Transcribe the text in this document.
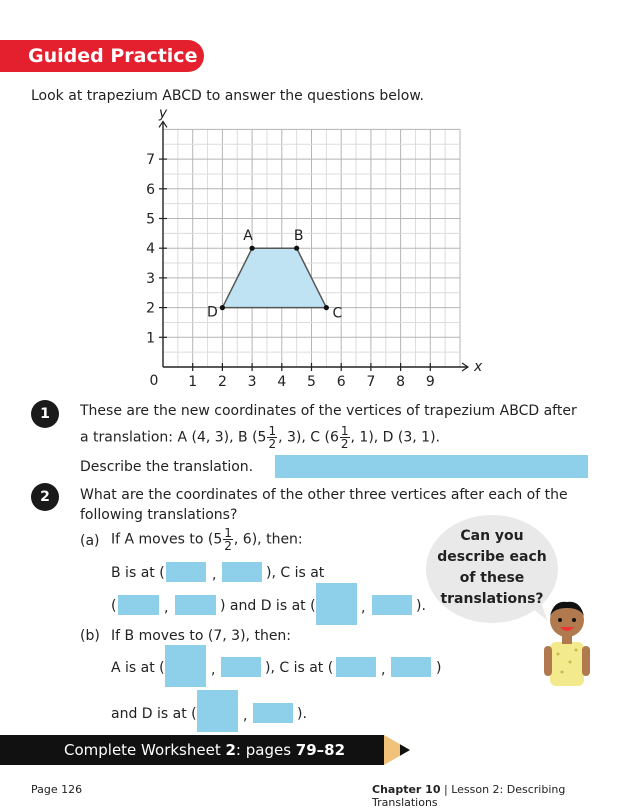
Guided Practice
Look at trapezium ABCD to answer the questions below.
1 2 3 4 5 6 7 8 9
1
2
3
4
5
6
7
0
x
y
A	B
C
D
1	These are the new coordinates of the vertices of trapezium ABCD after
a translation: A (4, 3), B ($5 \frac{1}{2}$ , 3), C ($6 \frac{1}{2}$ , 1), D (3, 1).
Describe the translation.
2	What are the coordinates of the other three vertices after each of the
following translations?
(a) If A moves to ($5 \frac{1}{2}$ , 6), then:
B is at (	,	), C is at
(	,	) and D is at (	,	).
(b) If B moves to (7, 3), then:
A is at (	,	), C is at (	,	)
and D is at (	,	).
Can you
describe each
of these
translations?
Complete Worksheet 2: pages 79–82
Page 126	Chapter 10 | Lesson 2: Describing Translations
